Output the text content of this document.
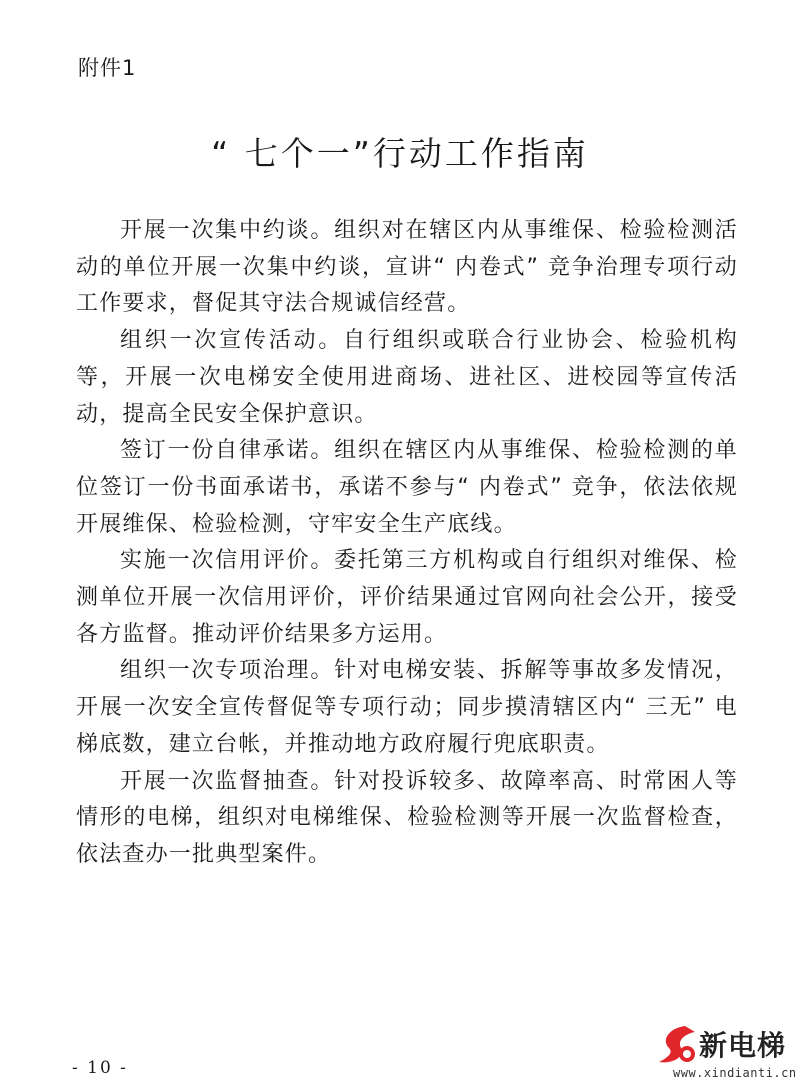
附件1
“ 七个一”行动工作指南

开展一次集中约谈。组织对在辖区内从事维保、检验检测活动的单位开展一次集中约谈，宣讲“ 内卷式” 竞争治理专项行动工作要求，督促其守法合规诚信经营。

组织一次宣传活动。自行组织或联合行业协会、检验机构等，开展一次电梯安全使用进商场、进社区、进校园等宣传活动，提高全民安全保护意识。

签订一份自律承诺。组织在辖区内从事维保、检验检测的单位签订一份书面承诺书，承诺不参与“ 内卷式” 竞争，依法依规开展维保、检验检测，守牢安全生产底线。

实施一次信用评价。委托第三方机构或自行组织对维保、检测单位开展一次信用评价，评价结果通过官网向社会公开，接受各方监督。推动评价结果多方运用。

组织一次专项治理。针对电梯安装、拆解等事故多发情况，开展一次安全宣传督促等专项行动；同步摸清辖区内“ 三无” 电梯底数，建立台帐，并推动地方政府履行兜底职责。

开展一次监督抽查。针对投诉较多、故障率高、时常困人等情形的电梯，组织对电梯维保、检验检测等开展一次监督检查，依法查办一批典型案件。

- 10 -
新电梯
www.xindianti.cn
